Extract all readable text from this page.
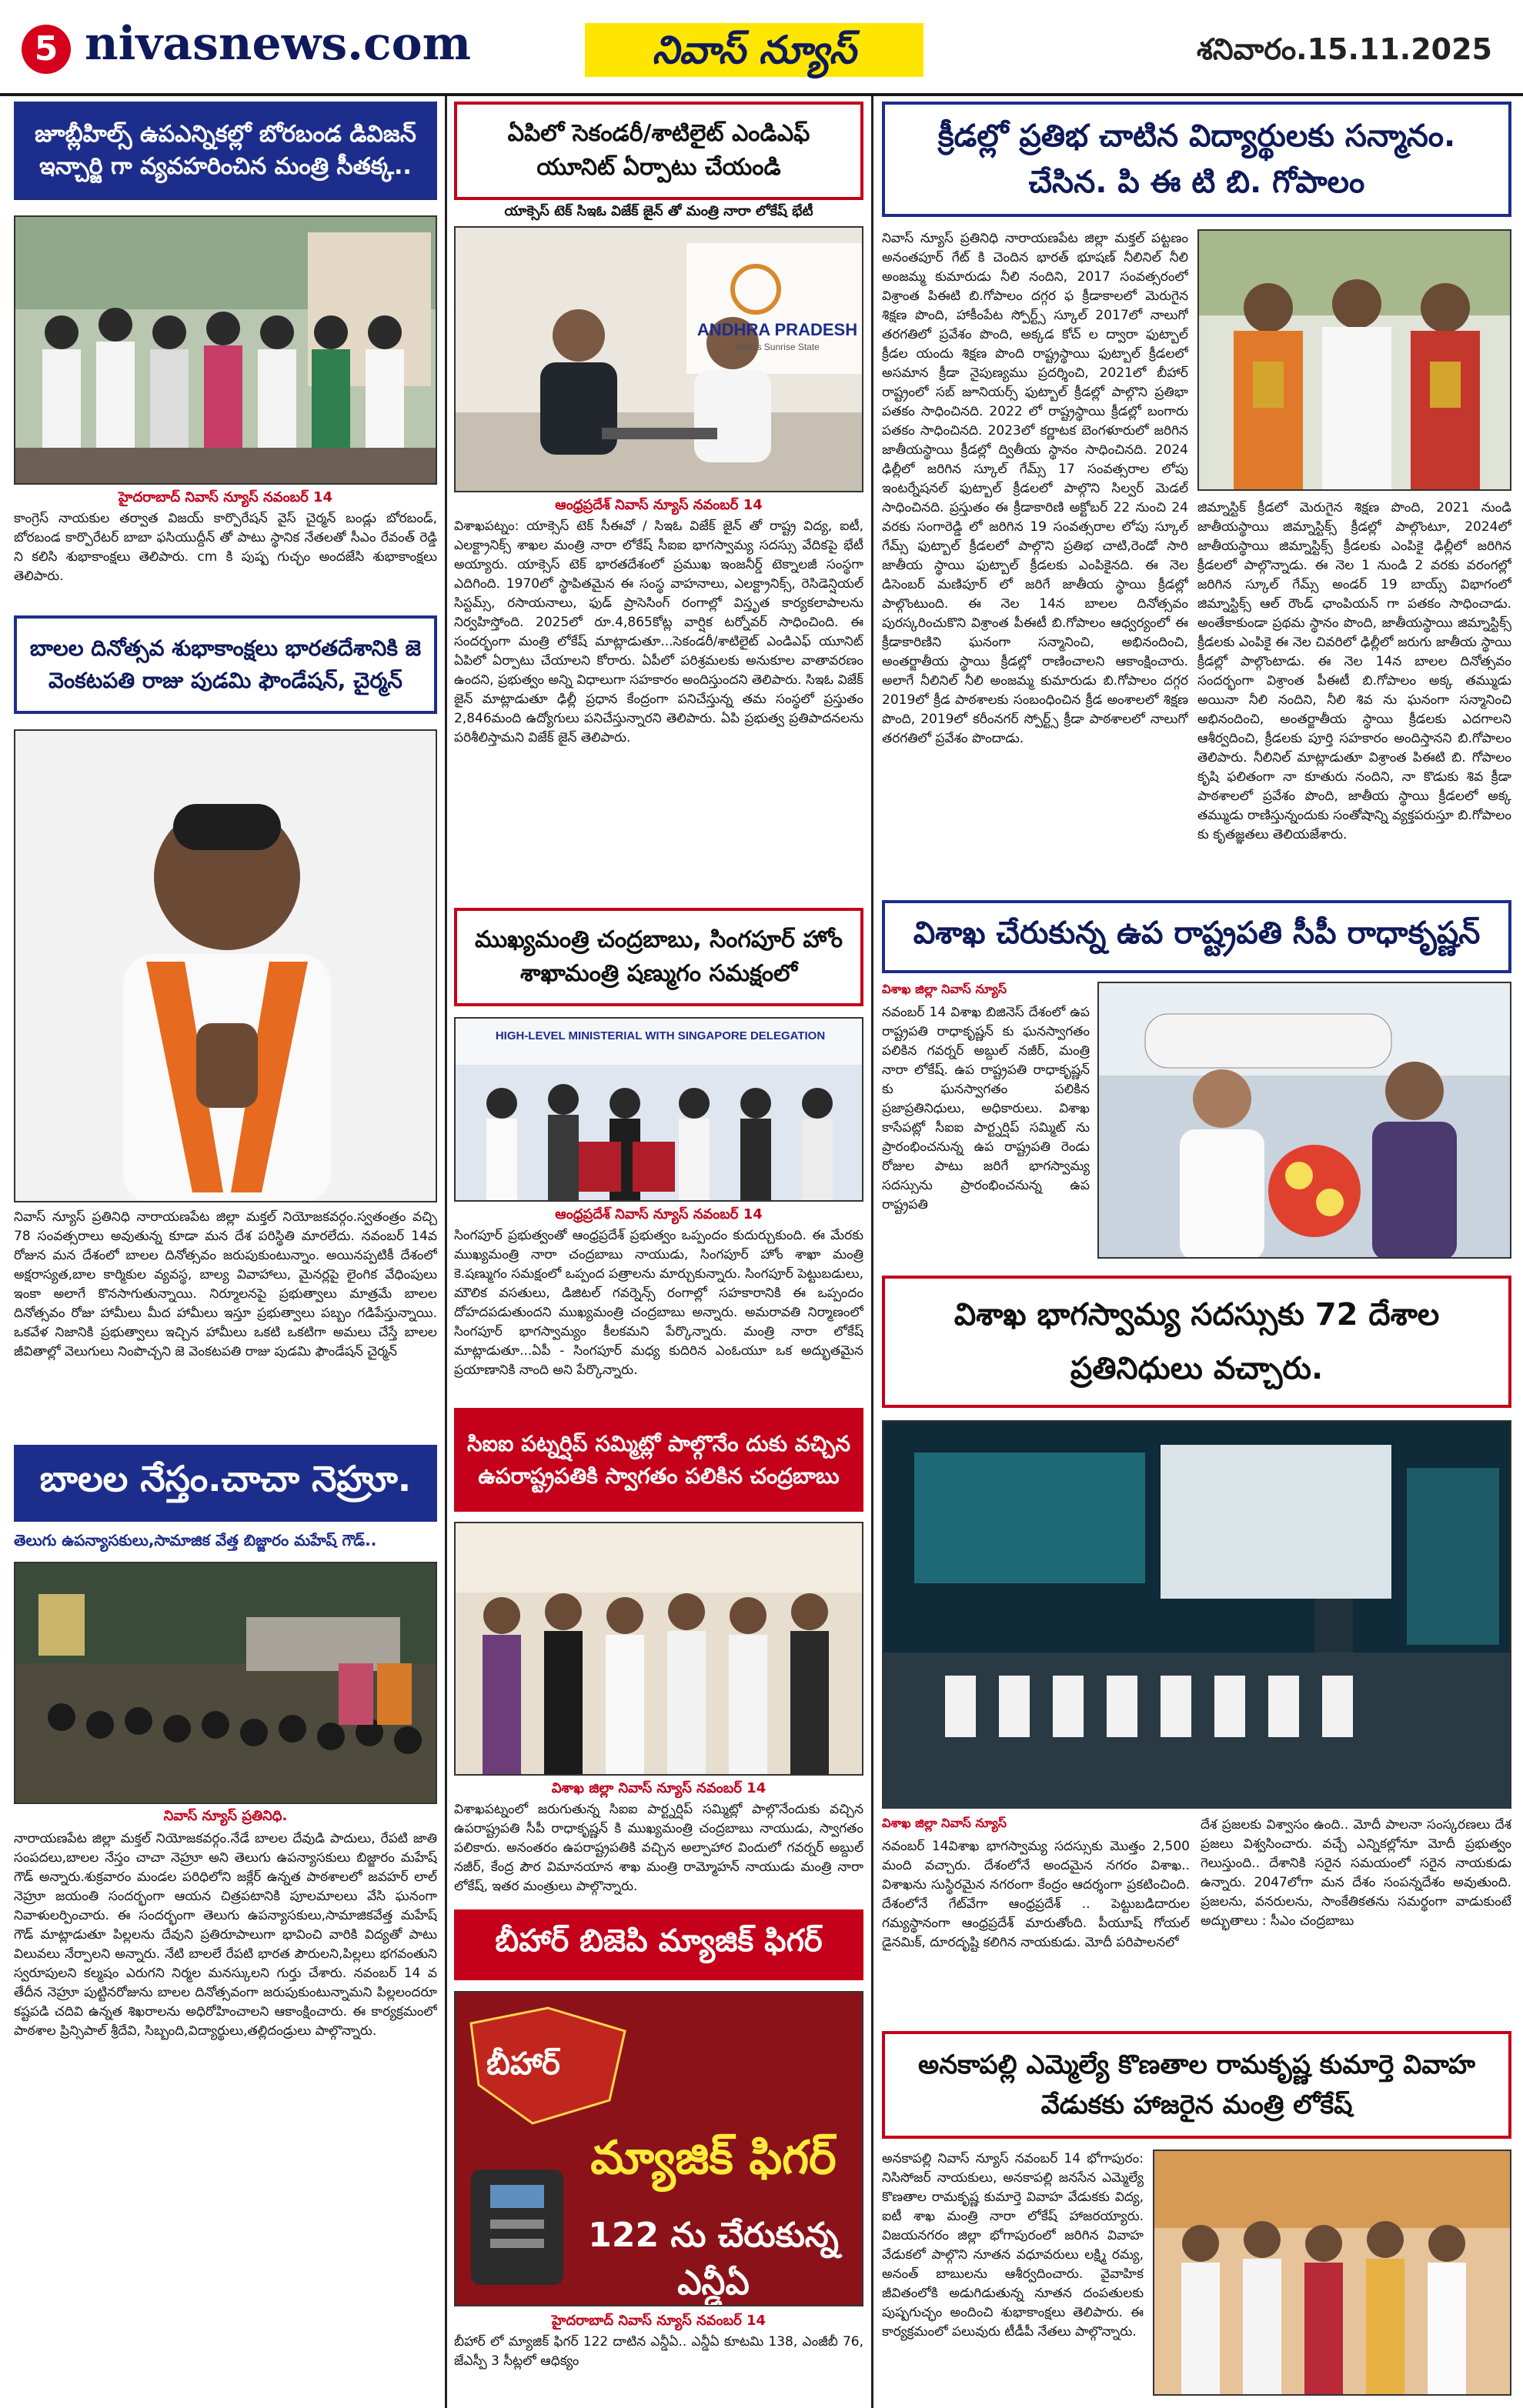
5 nivasnews.com	నివాస్ న్యూస్	శనివారం.15.11.2025
జూబ్లీహిల్స్ ఉపఎన్నికల్లో బోరబండ డివిజన్ ఇన్చార్జి గా వ్యవహరించిన మంత్రి సీతక్క..
హైదరాబాద్ నివాస్ న్యూస్ నవంబర్ 14
కాంగ్రెస్ నాయకుల తర్వాత విజయ్ కార్పొరేషన్ వైస్ చైర్మన్ బండ్లు బోరబండ్, బోరబండ కార్పొరేటర్ బాబా ఫసియుద్దీన్ తో పాటు స్థానిక నేతలతో సీఎం రేవంత్ రెడ్డి ని కలిసి శుభాకాంక్షలు తెలిపారు. cm కి పుష్ప గుచ్ఛం అందజేసి శుభాకాంక్షలు తెలిపారు.
బాలల దినోత్సవ శుభాకాంక్షలు భారతదేశానికి జె వెంకటపతి రాజు పుడమి ఫౌండేషన్, చైర్మన్
నివాస్ న్యూస్ ప్రతినిధి నారాయణపేట జిల్లా మక్తల్ నియోజకవర్గం.స్వతంత్రం వచ్చి 78 సంవత్సరాలు అవుతున్న కూడా మన దేశ పరిస్థితి మారలేదు. నవంబర్ 14వ రోజున మన దేశంలో బాలల దినోత్సవం జరుపుకుంటున్నాం. అయినప్పటికీ దేశంలో అక్షరాస్యత,బాల కార్మికుల వ్యవస్థ, బాల్య వివాహాలు, మైనర్లపై లైంగిక వేధింపులు ఇంకా అలాగే కొనసాగుతున్నాయి. నిర్మూలనపై ప్రభుత్వాలు మాత్రమే బాలల దినోత్సవం రోజు హామీలు మీద హామీలు ఇస్తూ ప్రభుత్వాలు పబ్బం గడిపేస్తున్నాయి. ఒకవేళ నిజానికి ప్రభుత్వాలు ఇచ్చిన హామీలు ఒకటి ఒకటిగా అమలు చేస్తే బాలల జీవితాల్లో వెలుగులు నింపొచ్చని జె వెంకటపతి రాజు పుడమి ఫౌండేషన్ చైర్మన్
బాలల నేస్తం.చాచా నెహ్రూ.
తెలుగు ఉపన్యాసకులు,సామాజిక వేత్త బిజ్జారం మహేష్ గౌడ్..
నివాస్ న్యూస్ ప్రతినిధి.
నారాయణపేట జిల్లా మక్తల్ నియోజకవర్గం.నేడే బాలల దేవుడి పాదులు, రేపటి జాతి సంపదలు,బాలల నేస్తం చాచా నెహ్రూ అని తెలుగు ఉపన్యాసకులు బిజ్జారం మహేష్ గౌడ్ అన్నారు.శుక్రవారం మండల పరిధిలోని జక్లేర్ ఉన్నత పాఠశాలలో జవహర్ లాల్ నెహ్రూ జయంతి సందర్భంగా ఆయన చిత్రపటానికి పూలమాలలు వేసి ఘనంగా నివాళులర్పించారు. ఈ సందర్భంగా తెలుగు ఉపన్యాసకులు,సామాజికవేత్త మహేష్ గౌడ్ మాట్లాడుతూ పిల్లలను దేవుని ప్రతిరూపాలుగా భావించి వారికి విద్యతో పాటు విలువలు నేర్పాలని అన్నారు. నేటి బాలలే రేపటి భారత పౌరులని,పిల్లలు భగవంతుని స్వరూపులని కల్మషం ఎరుగని నిర్మల మనస్కులని గుర్తు చేశారు. నవంబర్ 14 వ తేదీన నెహ్రూ పుట్టినరోజును బాలల దినోత్సవంగా జరుపుకుంటున్నామని పిల్లలందరూ కష్టపడి చదివి ఉన్నత శిఖరాలను అధిరోహించాలని ఆకాంక్షించారు. ఈ కార్యక్రమంలో పాఠశాల ప్రిన్సిపాల్ శ్రీదేవి, సిబ్బంది,విద్యార్థులు,తల్లిదండ్రులు పాల్గొన్నారు.
ఏపిలో సెకండరీ/శాటిలైట్ ఎండిఎఫ్ యూనిట్ ఏర్పాటు చేయండి
యాక్సెస్ టెక్ సిఇఓ విజేక్ జైన్ తో మంత్రి నారా లోకేష్ భేటీ
ANDHRA PRADESH
India's Sunrise State
ఆంధ్రప్రదేశ్ నివాస్ న్యూస్ నవంబర్ 14
విశాఖపట్నం: యాక్సెస్ టెక్ సీఈవో / సిఇఓ విజేక్ జైన్ తో రాష్ట్ర విద్య, ఐటీ, ఎలక్ట్రానిక్స్ శాఖల మంత్రి నారా లోకేష్ సీఐఐ భాగస్వామ్య సదస్సు వేదికపై భేటీ అయ్యారు. యాక్సెస్ టెక్ భారతదేశంలో ప్రముఖ ఇంజనీర్డ్ టెక్నాలజీ సంస్థగా ఎదిగింది. 1970లో స్థాపితమైన ఈ సంస్థ వాహనాలు, ఎలక్ట్రానిక్స్, రెసిడెన్షియల్ సిస్టమ్స్, రసాయనాలు, ఫుడ్ ప్రాసెసింగ్ రంగాల్లో విస్తృత కార్యకలాపాలను నిర్వహిస్తోంది. 2025లో రూ.4,865కోట్ల వార్షిక టర్నోవర్ సాధించింది. ఈ సందర్భంగా మంత్రి లోకేష్ మాట్లాడుతూ...సెకండరీ/శాటిలైట్ ఎండిఎఫ్ యూనిట్ ఏపిలో ఏర్పాటు చేయాలని కోరారు. ఏపీలో పరిశ్రమలకు అనుకూల వాతావరణం ఉందని, ప్రభుత్వం అన్ని విధాలుగా సహకారం అందిస్తుందని తెలిపారు. సిఇఓ విజేక్ జైన్ మాట్లాడుతూ ఢిల్లీ ప్రధాన కేంద్రంగా పనిచేస్తున్న తమ సంస్థలో ప్రస్తుతం 2,846మంది ఉద్యోగులు పనిచేస్తున్నారని తెలిపారు. ఏపి ప్రభుత్వ ప్రతిపాదనలను పరిశీలిస్తామని విజేక్ జైన్ తెలిపారు.
ముఖ్యమంత్రి చంద్రబాబు, సింగపూర్ హోం శాఖామంత్రి షణ్ముగం సమక్షంలో
HIGH-LEVEL MINISTERIAL WITH SINGAPORE DELEGATION
ఆంధ్రప్రదేశ్ నివాస్ న్యూస్ నవంబర్ 14
సింగపూర్ ప్రభుత్వంతో ఆంధ్రప్రదేశ్ ప్రభుత్వం ఒప్పందం కుదుర్చుకుంది. ఈ మేరకు ముఖ్యమంత్రి నారా చంద్రబాబు నాయుడు, సింగపూర్ హోం శాఖా మంత్రి కె.షణ్ముగం సమక్షంలో ఒప్పంద పత్రాలను మార్చుకున్నారు. సింగపూర్ పెట్టుబడులు, మౌలిక వసతులు, డిజిటల్ గవర్నెన్స్ రంగాల్లో సహకారానికి ఈ ఒప్పందం దోహదపడుతుందని ముఖ్యమంత్రి చంద్రబాబు అన్నారు. అమరావతి నిర్మాణంలో సింగపూర్ భాగస్వామ్యం కీలకమని పేర్కొన్నారు. మంత్రి నారా లోకేష్ మాట్లాడుతూ...ఏపీ - సింగపూర్ మధ్య కుదిరిన ఎంఓయూ ఒక అద్భుతమైన ప్రయాణానికి నాంది అని పేర్కొన్నారు.
సిఐఐ పట్నర్షిప్ సమ్మిట్లో పాల్గొనేం దుకు వచ్చిన ఉపరాష్ట్రపతికి స్వాగతం పలికిన చంద్రబాబు
విశాఖ జిల్లా నివాస్ న్యూస్ నవంబర్ 14
విశాఖపట్నంలో జరుగుతున్న సిఐఐ పార్ట్నర్షిప్ సమ్మిట్లో పాల్గొనేందుకు వచ్చిన ఉపరాష్ట్రపతి సీపీ రాధాకృష్ణన్ కి ముఖ్యమంత్రి చంద్రబాబు నాయుడు, స్వాగతం పలికారు. అనంతరం ఉపరాష్ట్రపతికి వచ్చిన అల్పాహార విందులో గవర్నర్ అబ్దుల్ నజీర్, కేంద్ర పౌర విమానయాన శాఖ మంత్రి రామ్మోహన్ నాయుడు మంత్రి నారా లోకేష్, ఇతర మంత్రులు పాల్గొన్నారు.
బీహార్ బిజెపి మ్యాజిక్ ఫిగర్
బీహార్
మ్యాజిక్ ఫిగర్
122 ను చేరుకున్న ఎన్డీఏ
హైదరాబాద్ నివాస్ న్యూస్ నవంబర్ 14
బీహార్ లో మ్యాజిక్ ఫిగర్ 122 దాటిన ఎన్డీఏ.. ఎన్డీఏ కూటమి 138, ఎంజీబీ 76, జేఎస్పీ 3 సీట్లలో ఆధిక్యం
క్రీడల్లో ప్రతిభ చాటిన విద్యార్థులకు సన్మానం. చేసిన. పి ఈ టి బి. గోపాలం
నివాస్ న్యూస్ ప్రతినిధి నారాయణపేట జిల్లా మక్తల్ పట్టణం అనంతపూర్ గేట్ కి చెందిన భారత్ భూషణ్ నీలినిల్ నీలి అంజమ్మ కుమారుడు నీలి నందిని, 2017 సంవత్సరంలో విశ్రాంత పిఈటి బి.గోపాలం దగ్గర ఫ క్రీడాకాలలో మెరుగైన శిక్షణ పొంది, హాకీంపేట స్పోర్ట్స్ స్కూల్ 2017లో నాలుగో తరగతిలో ప్రవేశం పొంది, అక్కడ కోచ్ ల ద్వారా ఫుట్బాల్ క్రీడల యందు శిక్షణ పొంది రాష్ట్రస్థాయి ఫుట్బాల్ క్రీడలలో అసమాన క్రీడా నైపుణ్యము ప్రదర్శించి, 2021లో బీహార్ రాష్ట్రంలో సబ్ జూనియర్స్ ఫుట్బాల్ క్రీడల్లో పాల్గొని ప్రతిభా పతకం సాధించినది. 2022 లో రాష్ట్రస్థాయి క్రీడల్లో బంగారు పతకం సాధించినది. 2023లో కర్ణాటక బెంగళూరులో జరిగిన జాతీయస్థాయి క్రీడల్లో ద్వితీయ స్థానం సాధించినది. 2024 ఢిల్లీలో జరిగిన స్కూల్ గేమ్స్ 17 సంవత్సరాల లోపు ఇంటర్నేషనల్ ఫుట్బాల్ క్రీడలలో పాల్గొని సిల్వర్ మెడల్ సాధించినది. ప్రస్తుతం ఈ క్రీడాకారిణి అక్టోబర్ 22 నుంచి 24 వరకు సంగారెడ్డి లో జరిగిన 19 సంవత్సరాల లోపు స్కూల్ గేమ్స్ ఫుట్బాల్ క్రీడలలో పాల్గొని ప్రతిభ చాటి,రెండో సారి జాతీయ స్థాయి ఫుట్బాల్ క్రీడలకు ఎంపికైనది. ఈ నెల డిసెంబర్ మణిపూర్ లో జరిగే జాతీయ స్థాయి క్రీడల్లో పాల్గొంటుంది. ఈ నెల 14న బాలల దినోత్సవం పురస్కరించుకొని విశ్రాంత పీఈటీ బి.గోపాలం ఆధ్వర్యంలో ఈ క్రీడాకారిణిని ఘనంగా సన్మానించి, అభినందించి, అంతర్జాతీయ స్థాయి క్రీడల్లో రాణించాలని ఆకాంక్షించారు. అలాగే నీలినిల్ నీలి అంజమ్మ కుమారుడు బి.గోపాలం దగ్గర 2019లో క్రీడ పాఠశాలకు సంబంధించిన క్రీడ అంశాలలో శిక్షణ పొంది, 2019లో కరీంనగర్ స్పోర్ట్స్ క్రీడా పాఠశాలలో నాలుగో తరగతిలో ప్రవేశం పొందాడు.
జిమ్నాస్టిక్ క్రీడలో మెరుగైన శిక్షణ పొంది, 2021 నుండి జాతీయస్థాయి జిమ్నాస్టిక్స్ క్రీడల్లో పాల్గొంటూ, 2024లో జాతీయస్థాయి జిమ్నాస్టిక్స్ క్రీడలకు ఎంపికై ఢిల్లీలో జరిగిన క్రీడలలో పాల్గొన్నాడు. ఈ నెల 1 నుండి 2 వరకు వరంగల్లో జరిగిన స్కూల్ గేమ్స్ అండర్ 19 బాయ్స్ విభాగంలో జిమ్నాస్టిక్స్ ఆల్ రౌండ్ ఛాంపియన్ గా పతకం సాధించాడు. అంతేకాకుండా ప్రథమ స్థానం పొంది, జాతీయస్థాయి జిమ్నాస్టిక్స్ క్రీడలకు ఎంపికై ఈ నెల చివరిలో ఢిల్లీలో జరుగు జాతీయ స్థాయి క్రీడల్లో పాల్గొంటాడు. ఈ నెల 14న బాలల దినోత్సవం సందర్భంగా విశ్రాంత పీఈటీ బి.గోపాలం అక్క తమ్ముడు అయినా నీలి నందిని, నీలి శివ ను ఘనంగా సన్మానించి అభినందించి, అంతర్జాతీయ స్థాయి క్రీడలకు ఎదగాలని ఆశీర్వదించి, క్రీడలకు పూర్తి సహకారం అందిస్తానని బి.గోపాలం తెలిపారు. నీలినిల్ మాట్లాడుతూ విశ్రాంత పిఈటి బి. గోపాలం కృషి ఫలితంగా నా కూతురు నందిని, నా కొడుకు శివ క్రీడా పాఠశాలలో ప్రవేశం పొంది, జాతీయ స్థాయి క్రీడలలో అక్క తమ్ముడు రాణిస్తున్నందుకు సంతోషాన్ని వ్యక్తపరుస్తూ బి.గోపాలం కు కృతజ్ఞతలు తెలియజేశారు.
విశాఖ చేరుకున్న ఉప రాష్ట్రపతి సీపీ రాధాకృష్ణన్
విశాఖ జిల్లా నివాస్ న్యూస్
నవంబర్ 14 విశాఖ బిజినెస్ దేశంలో ఉప రాష్ట్రపతి రాధాకృష్ణన్ కు ఘనస్వాగతం పలికిన గవర్నర్ అబ్దుల్ నజీర్, మంత్రి నారా లోకేష్. ఉప రాష్ట్రపతి రాధాకృష్ణన్ కు ఘనస్వాగతం పలికిన ప్రజాప్రతినిధులు, అధికారులు. విశాఖ కాసేపట్లో సీఐఐ పార్ట్నర్షిప్ సమ్మిట్ ను ప్రారంభించనున్న ఉప రాష్ట్రపతి రెండు రోజుల పాటు జరిగే భాగస్వామ్య సదస్సును ప్రారంభించనున్న ఉప రాష్ట్రపతి
విశాఖ భాగస్వామ్య సదస్సుకు 72 దేశాల ప్రతినిధులు వచ్చారు.
విశాఖ జిల్లా నివాస్ న్యూస్
నవంబర్ 14విశాఖ భాగస్వామ్య సదస్సుకు మొత్తం 2,500 మంది వచ్చారు. దేశంలోనే అందమైన నగరం విశాఖ.. విశాఖను సుస్థిరమైన నగరంగా కేంద్రం ఆదర్శంగా ప్రకటించింది. దేశంలోనే గేట్‌వేగా ఆంధ్రప్రదేశ్ .. పెట్టుబడిదారుల గమ్యస్థానంగా ఆంధ్రప్రదేశ్ మారుతోంది. పీయూష్ గోయల్ డైనమిక్, దూరదృష్టి కలిగిన నాయకుడు. మోదీ పరిపాలనలో
దేశ ప్రజలకు విశ్వాసం ఉంది.. మోదీ పాలనా సంస్కరణలు దేశ ప్రజలు విశ్వసించారు. వచ్చే ఎన్నికల్లోనూ మోదీ ప్రభుత్వం గెలుస్తుంది.. దేశానికి సరైన సమయంలో సరైన నాయకుడు ఉన్నారు. 2047లోగా మన దేశం సంపన్నదేశం అవుతుంది. ప్రజలను, వనరులను, సాంకేతికతను సమర్థంగా వాడుకుంటే అద్భుతాలు : సీఎం చంద్రబాబు
అనకాపల్లి ఎమ్మెల్యే కొణతాల రామకృష్ణ కుమార్తె వివాహ వేడుకకు హాజరైన మంత్రి లోకేష్
అనకాపల్లి నివాస్ న్యూస్ నవంబర్ 14 భోగాపురం: నిసిసోజర్ నాయకులు, అనకాపల్లి జనసేన ఎమ్మెల్యే కొణతాల రామకృష్ణ కుమార్తె వివాహ వేడుకకు విద్య, ఐటీ శాఖ మంత్రి నారా లోకేష్ హాజరయ్యారు. విజయనగరం జిల్లా భోగాపురంలో జరిగిన వివాహ వేడుకలో పాల్గొని నూతన వధూవరులు లక్ష్మి రమ్య, అనంత్ బాబులను ఆశీర్వదించారు. వైవాహిక జీవితంలోకి అడుగిడుతున్న నూతన దంపతులకు పుష్పగుచ్ఛం అందించి శుభాకాంక్షలు తెలిపారు. ఈ కార్యక్రమంలో పలువురు టీడీపీ నేతలు పాల్గొన్నారు.
